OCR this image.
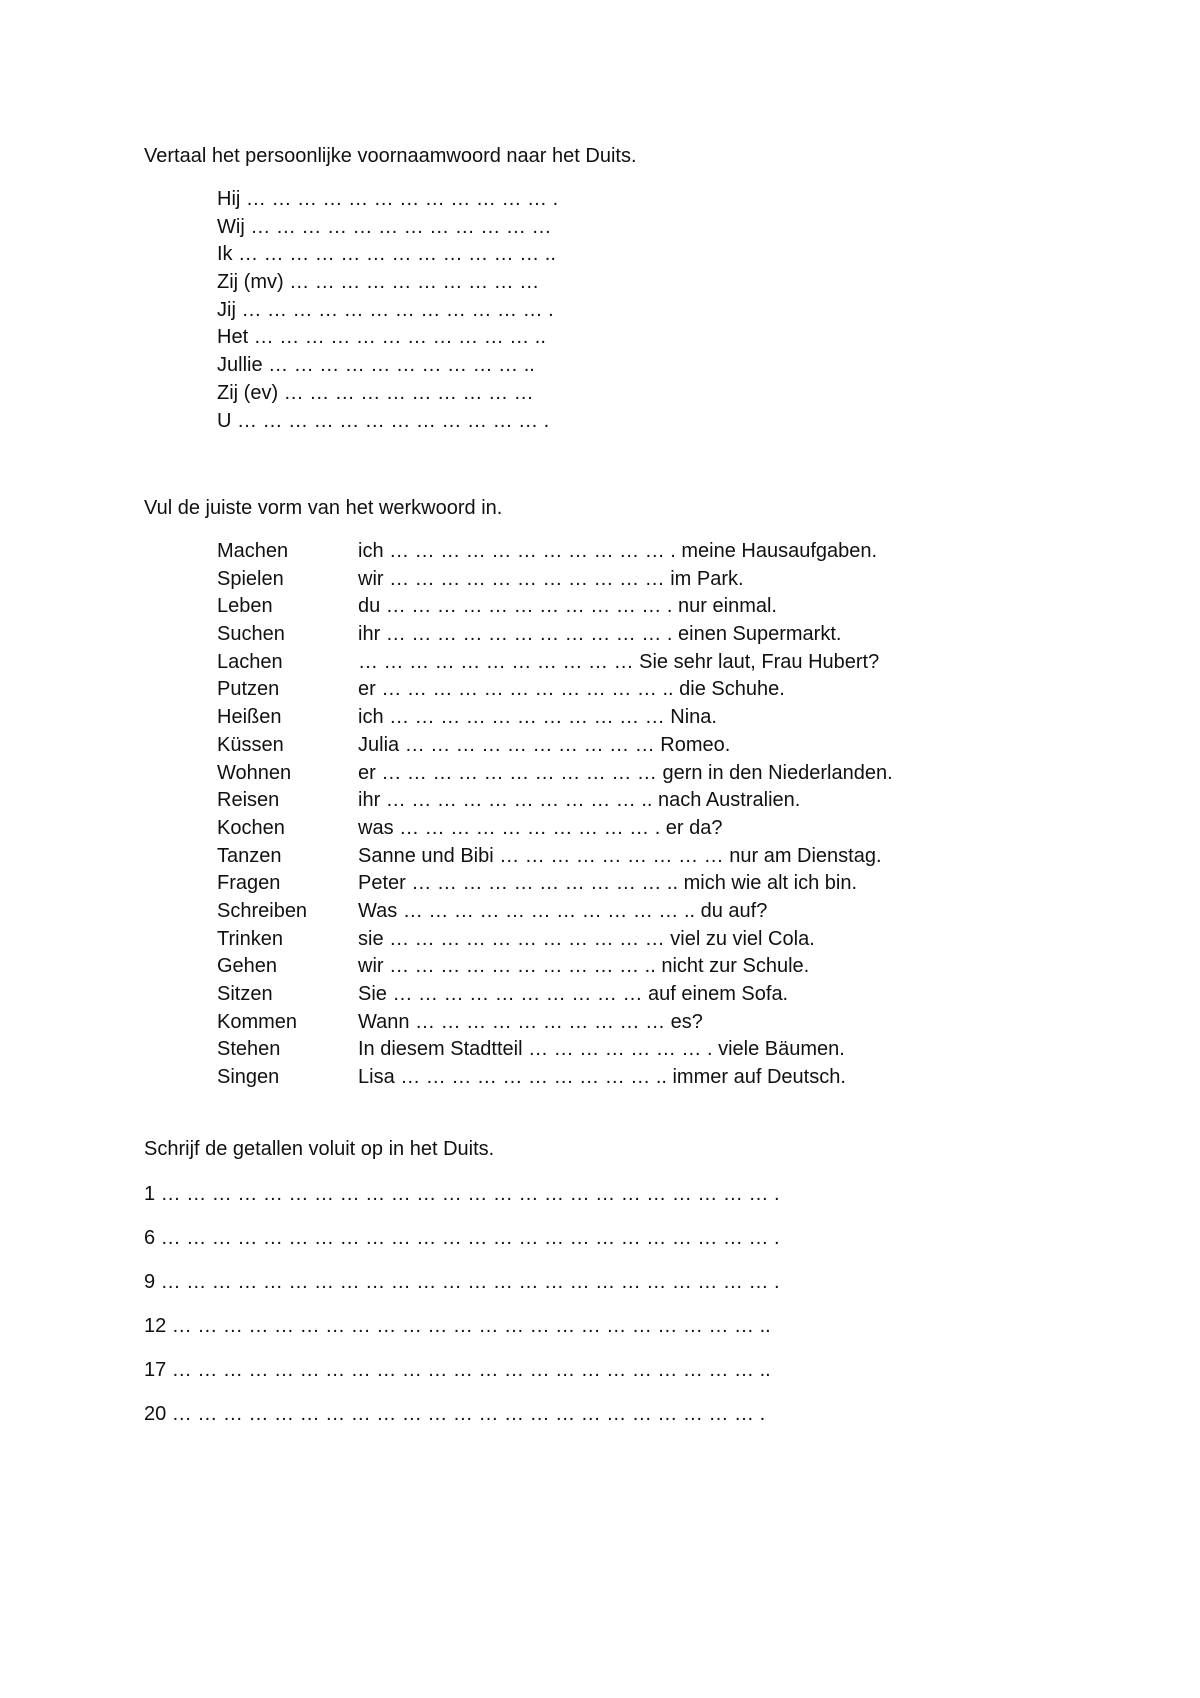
Vertaal het persoonlijke voornaamwoord naar het Duits.
Hij … … … … … … … … … … … … .
Wij … … … … … … … … … … … …
Ik … … … … … … … … … … … … ..
Zij (mv) … … … … … … … … … …
Jij … … … … … … … … … … … … .
Het … … … … … … … … … … … ..
Jullie … … … … … … … … … … ..
Zij (ev) … … … … … … … … … …
U … … … … … … … … … … … … .
Vul de juiste vorm van het werkwoord in.
Machen	ich … … … … … … … … … … … . meine Hausaufgaben.
Spielen	wir … … … … … … … … … … … im Park.
Leben	du … … … … … … … … … … … . nur einmal.
Suchen	ihr … … … … … … … … … … … . einen Supermarkt.
Lachen	… … … … … … … … … … … Sie sehr laut, Frau Hubert?
Putzen	er … … … … … … … … … … … .. die Schuhe.
Heißen	ich … … … … … … … … … … … Nina.
Küssen	Julia … … … … … … … … … … Romeo.
Wohnen	er … … … … … … … … … … … gern in den Niederlanden.
Reisen	ihr … … … … … … … … … … .. nach Australien.
Kochen	was … … … … … … … … … … . er da?
Tanzen	Sanne und Bibi … … … … … … … … … nur am Dienstag.
Fragen	Peter … … … … … … … … … … .. mich wie alt ich bin.
Schreiben	Was … … … … … … … … … … … .. du auf?
Trinken	sie … … … … … … … … … … … viel zu viel Cola.
Gehen	wir … … … … … … … … … … .. nicht zur Schule.
Sitzen	Sie … … … … … … … … … … auf einem Sofa.
Kommen	Wann … … … … … … … … … … es?
Stehen	In diesem Stadtteil … … … … … … … . viele Bäumen.
Singen	Lisa … … … … … … … … … … .. immer auf Deutsch.
Schrijf de getallen voluit op in het Duits.
1 … … … … … … … … … … … … … … … … … … … … … … … … .
6 … … … … … … … … … … … … … … … … … … … … … … … … .
9 … … … … … … … … … … … … … … … … … … … … … … … … .
12 … … … … … … … … … … … … … … … … … … … … … … … ..
17 … … … … … … … … … … … … … … … … … … … … … … … ..
20 … … … … … … … … … … … … … … … … … … … … … … … .
